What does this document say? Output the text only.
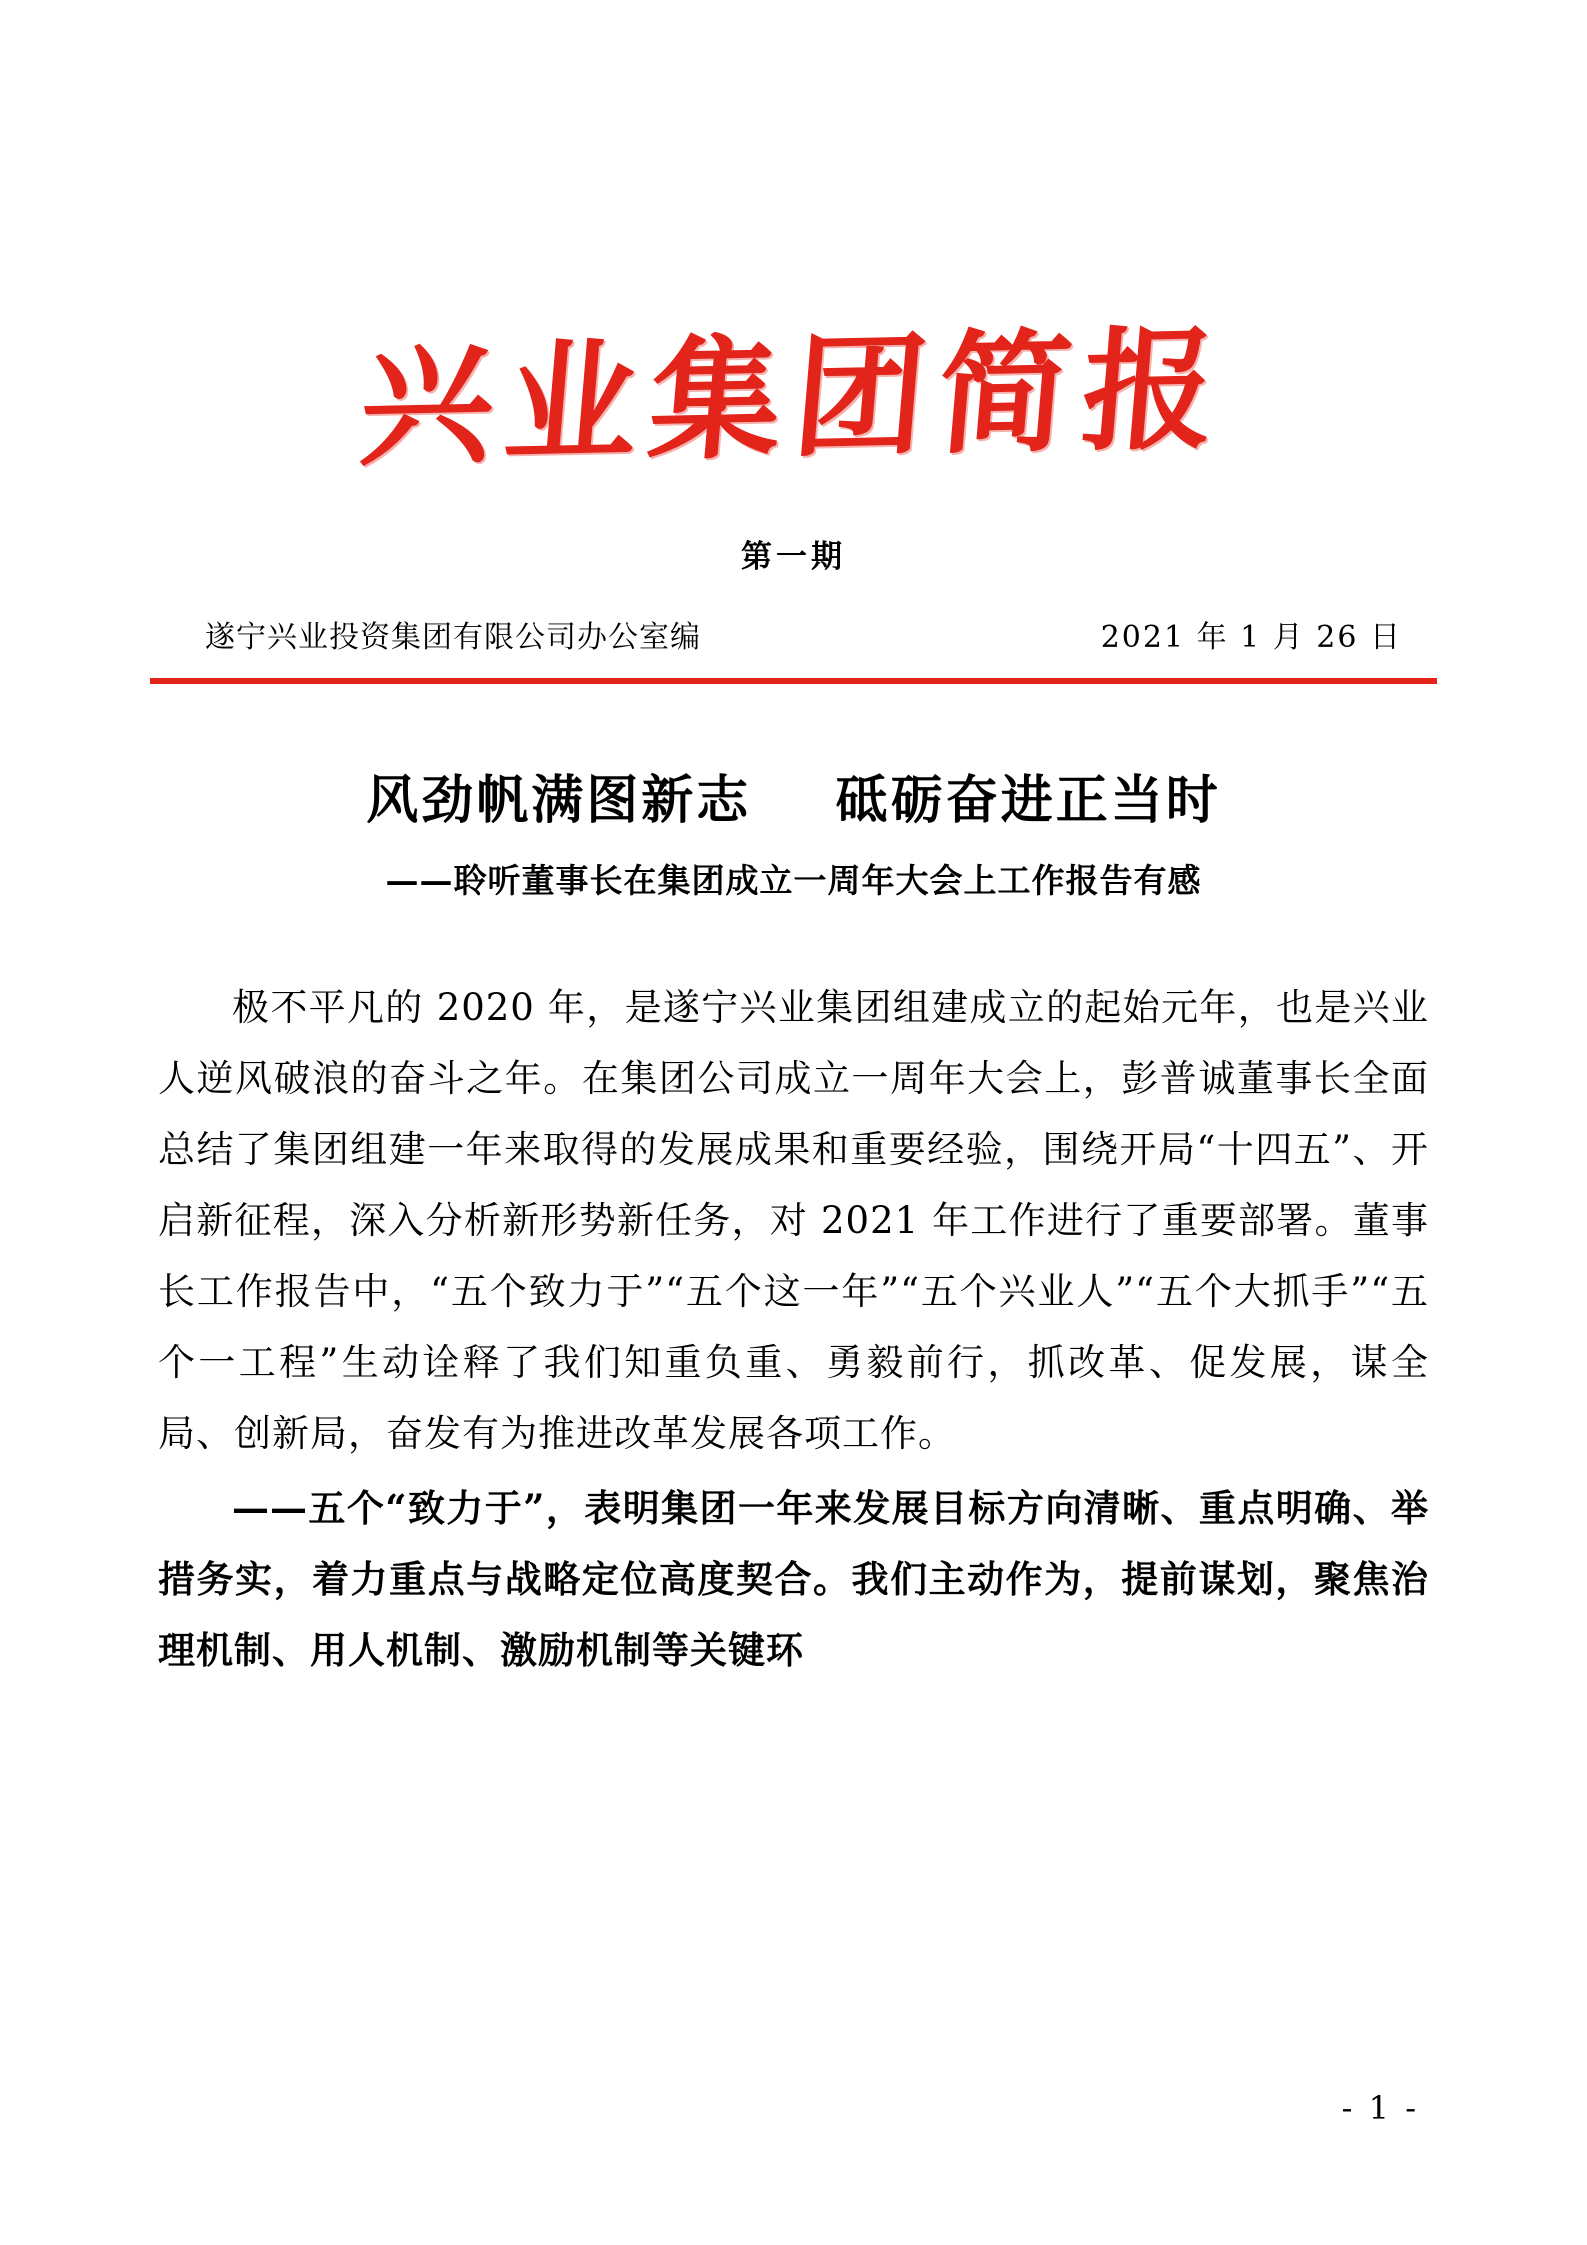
兴业集团简报
第一期
遂宁兴业投资集团有限公司办公室编	2021 年 1 月 26 日
风劲帆满图新志    砥砺奋进正当时
——聆听董事长在集团成立一周年大会上工作报告有感

极不平凡的 2020 年，是遂宁兴业集团组建成立的起始元年，也是兴业人逆风破浪的奋斗之年。在集团公司成立一周年大会上，彭普诚董事长全面总结了集团组建一年来取得的发展成果和重要经验，围绕开局“十四五”、开启新征程，深入分析新形势新任务，对 2021 年工作进行了重要部署。董事长工作报告中，“五个致力于”“五个这一年”“五个兴业人”“五个大抓手”“五个一工程”生动诠释了我们知重负重、勇毅前行，抓改革、促发展，谋全局、创新局，奋发有为推进改革发展各项工作。

——五个“致力于”，表明集团一年来发展目标方向清晰、重点明确、举措务实，着力重点与战略定位高度契合。我们主动作为，提前谋划，聚焦治理机制、用人机制、激励机制等关键环

- 1 -
